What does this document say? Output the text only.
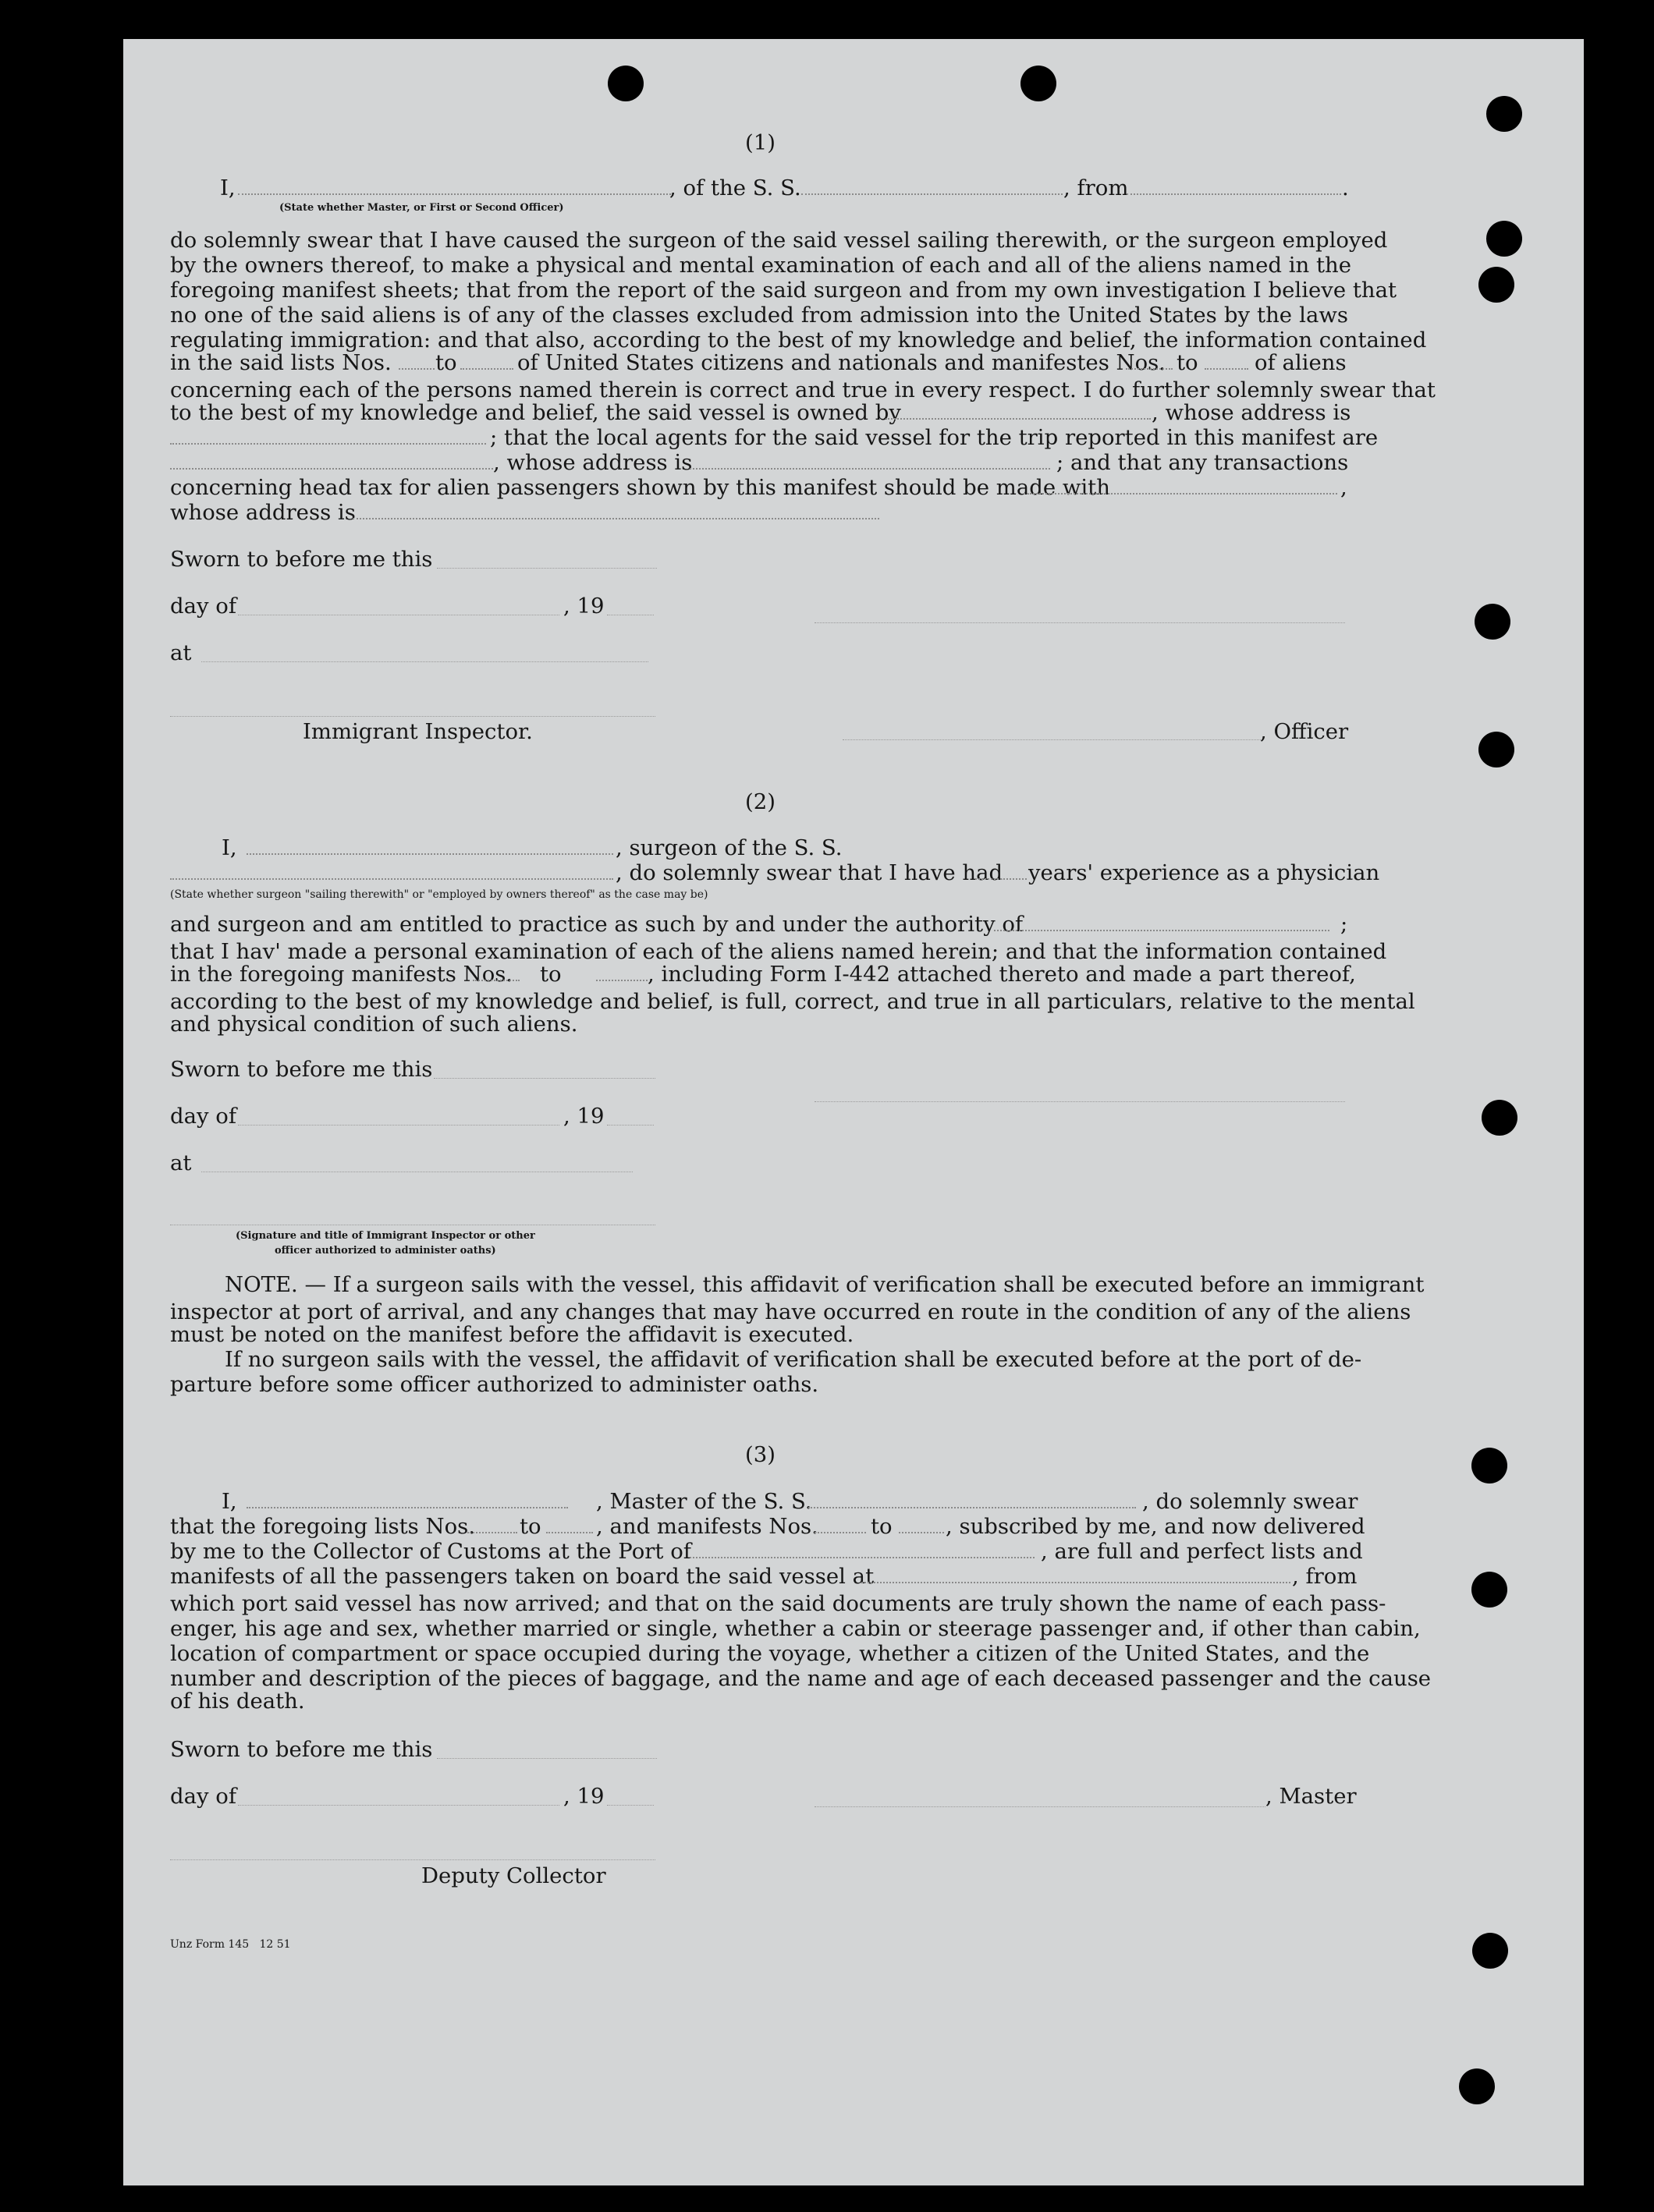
(1)
I,	, of the S. S.	, from	.
(State whether Master, or First or Second Officer)
do solemnly swear that I have caused the surgeon of the said vessel sailing therewith, or the surgeon employed
by the owners thereof, to make a physical and mental examination of each and all of the aliens named in the
foregoing manifest sheets; that from the report of the said surgeon and from my own investigation I believe that
no one of the said aliens is of any of the classes excluded from admission into the United States by the laws
regulating immigration: and that also, according to the best of my knowledge and belief, the information contained
in the said lists Nos. to	of United States citizens and nationals and manifestes Nos. to	of aliens
concerning each of the persons named therein is correct and true in every respect. I do further solemnly swear that
to the best of my knowledge and belief, the said vessel is owned by	, whose address is
; that the local agents for the said vessel for the trip reported in this manifest are
, whose address is	; and that any transactions
concerning head tax for alien passengers shown by this manifest should be made with	,
whose address is
Sworn to before me this
day of	, 19
at
Immigrant Inspector.	, Officer
(2)
I,	, surgeon of the S. S.
, do solemnly swear that I have had years' experience as a physician
(State whether surgeon "sailing therewith" or "employed by owners thereof" as the case may be)
and surgeon and am entitled to practice as such by and under the authority of	;
that I hav' made a personal examination of each of the aliens named herein; and that the information contained
in the foregoing manifests Nos. to	, including Form I-442 attached thereto and made a part thereof,
according to the best of my knowledge and belief, is full, correct, and true in all particulars, relative to the mental
and physical condition of such aliens.
Sworn to before me this
day of	, 19
at
(Signature and title of Immigrant Inspector or other
officer authorized to administer oaths)
NOTE. — If a surgeon sails with the vessel, this affidavit of verification shall be executed before an immigrant
inspector at port of arrival, and any changes that may have occurred en route in the condition of any of the aliens
must be noted on the manifest before the affidavit is executed.
If no surgeon sails with the vessel, the affidavit of verification shall be executed before at the port of de-
parture before some officer authorized to administer oaths.
(3)
I,	, Master of the S. S.	, do solemnly swear
that the foregoing lists Nos. to	, and manifests Nos. to , subscribed by me, and now delivered
by me to the Collector of Customs at the Port of	, are full and perfect lists and
manifests of all the passengers taken on board the said vessel at	, from
which port said vessel has now arrived; and that on the said documents are truly shown the name of each pass-
enger, his age and sex, whether married or single, whether a cabin or steerage passenger and, if other than cabin,
location of compartment or space occupied during the voyage, whether a citizen of the United States, and the
number and description of the pieces of baggage, and the name and age of each deceased passenger and the cause
of his death.
Sworn to before me this
day of	, 19	, Master
Deputy Collector
Unz Form 145   12 51
